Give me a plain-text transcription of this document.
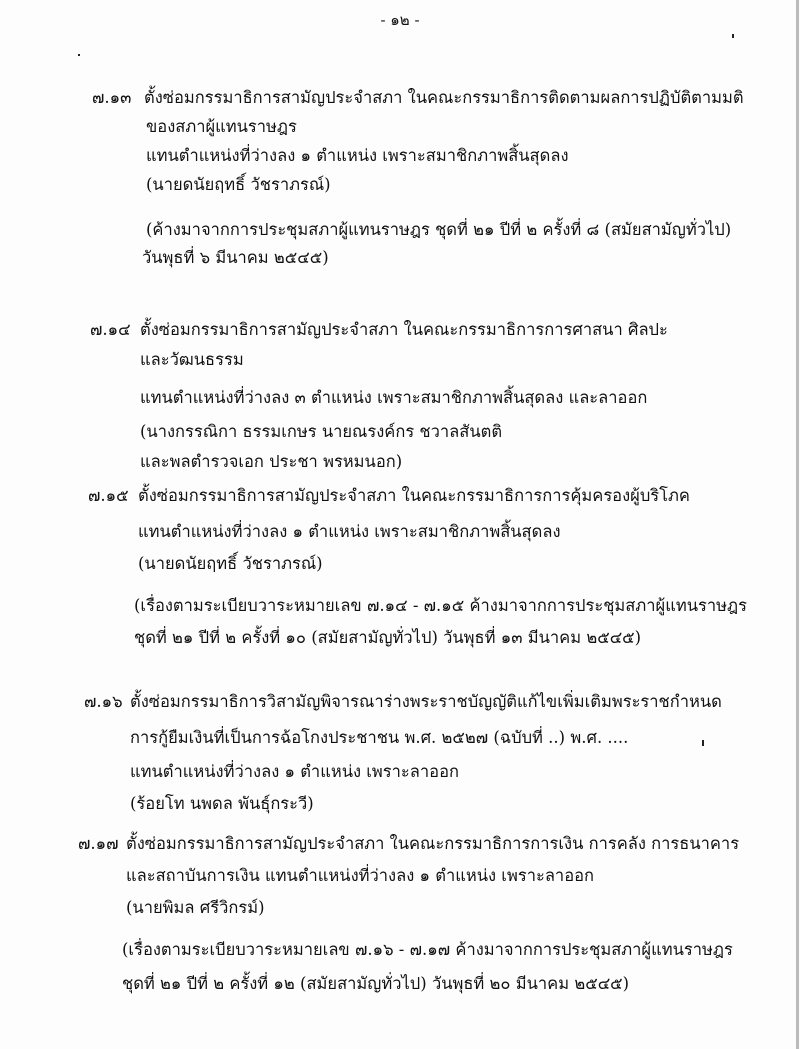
- ๑๒ -
๗.๑๓ ตั้งซ่อมกรรมาธิการสามัญประจำสภา ในคณะกรรมาธิการติดตามผลการปฏิบัติตามมติ
ของสภาผู้แทนราษฎร
แทนตำแหน่งที่ว่างลง ๑ ตำแหน่ง เพราะสมาชิกภาพสิ้นสุดลง
(นายดนัยฤทธิ์ วัชราภรณ์)
(ค้างมาจากการประชุมสภาผู้แทนราษฎร ชุดที่ ๒๑ ปีที่ ๒ ครั้งที่ ๘ (สมัยสามัญทั่วไป)
วันพุธที่ ๖ มีนาคม ๒๕๔๕)
๗.๑๔ ตั้งซ่อมกรรมาธิการสามัญประจำสภา ในคณะกรรมาธิการการศาสนา ศิลปะ
และวัฒนธรรม
แทนตำแหน่งที่ว่างลง ๓ ตำแหน่ง เพราะสมาชิกภาพสิ้นสุดลง และลาออก
(นางกรรณิกา ธรรมเกษร นายณรงค์กร ชวาลสันตติ
และพลตำรวจเอก ประชา พรหมนอก)
๗.๑๕ ตั้งซ่อมกรรมาธิการสามัญประจำสภา ในคณะกรรมาธิการการคุ้มครองผู้บริโภค
แทนตำแหน่งที่ว่างลง ๑ ตำแหน่ง เพราะสมาชิกภาพสิ้นสุดลง
(นายดนัยฤทธิ์ วัชราภรณ์)
(เรื่องตามระเบียบวาระหมายเลข ๗.๑๔ - ๗.๑๕ ค้างมาจากการประชุมสภาผู้แทนราษฎร
ชุดที่ ๒๑ ปีที่ ๒ ครั้งที่ ๑๐ (สมัยสามัญทั่วไป) วันพุธที่ ๑๓ มีนาคม ๒๕๔๕)
๗.๑๖ ตั้งซ่อมกรรมาธิการวิสามัญพิจารณาร่างพระราชบัญญัติแก้ไขเพิ่มเติมพระราชกำหนด
การกู้ยืมเงินที่เป็นการฉ้อโกงประชาชน พ.ศ. ๒๕๒๗ (ฉบับที่ ..) พ.ศ. ....
แทนตำแหน่งที่ว่างลง ๑ ตำแหน่ง เพราะลาออก
(ร้อยโท นพดล พันธุ์กระวี)
๗.๑๗ ตั้งซ่อมกรรมาธิการสามัญประจำสภา ในคณะกรรมาธิการการเงิน การคลัง การธนาคาร
และสถาบันการเงิน แทนตำแหน่งที่ว่างลง ๑ ตำแหน่ง เพราะลาออก
(นายพิมล ศรีวิกรม์)
(เรื่องตามระเบียบวาระหมายเลข ๗.๑๖ - ๗.๑๗ ค้างมาจากการประชุมสภาผู้แทนราษฎร
ชุดที่ ๒๑ ปีที่ ๒ ครั้งที่ ๑๒ (สมัยสามัญทั่วไป) วันพุธที่ ๒๐ มีนาคม ๒๕๔๕)
